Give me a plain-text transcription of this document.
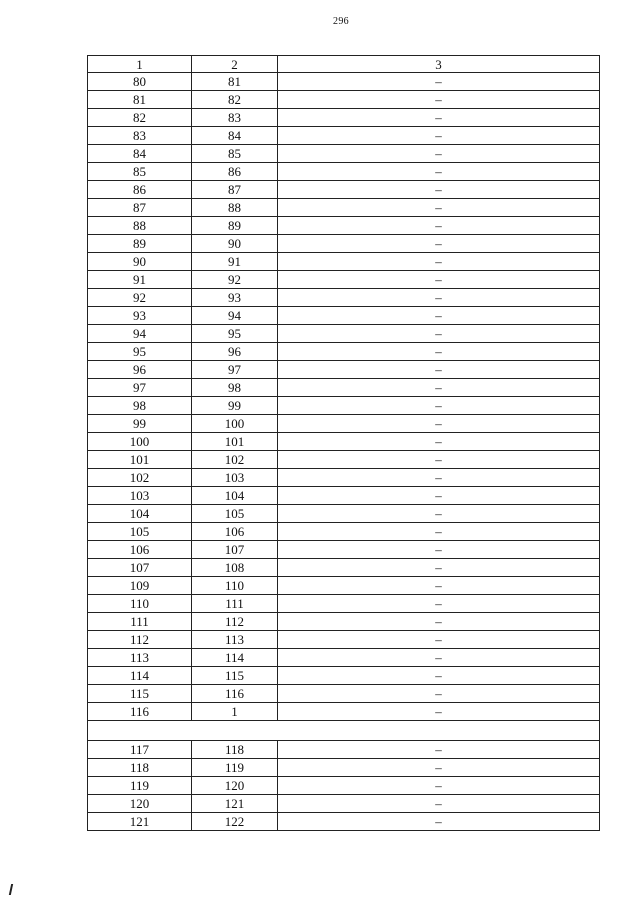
296
1	2	3
80	81	–
81	82	–
82	83	–
83	84	–
84	85	–
85	86	–
86	87	–
87	88	–
88	89	–
89	90	–
90	91	–
91	92	–
92	93	–
93	94	–
94	95	–
95	96	–
96	97	–
97	98	–
98	99	–
99	100	–
100	101	–
101	102	–
102	103	–
103	104	–
104	105	–
105	106	–
106	107	–
107	108	–
109	110	–
110	111	–
111	112	–
112	113	–
113	114	–
114	115	–
115	116	–
116	1	–

117	118	–
118	119	–
119	120	–
120	121	–
121	122	–
